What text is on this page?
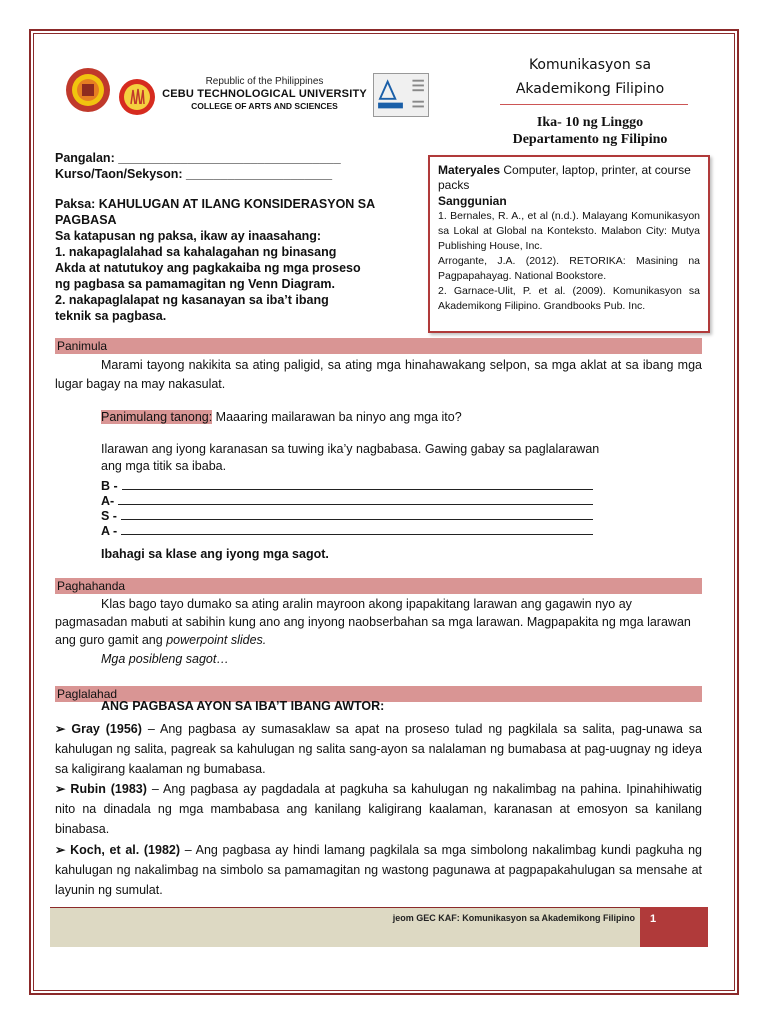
Republic of the Philippines
CEBU TECHNOLOGICAL UNIVERSITY
COLLEGE OF ARTS AND SCIENCES
Komunikasyon sa
Akademikong Filipino
Ika- 10 ng Linggo
Departamento ng Filipino
Pangalan: ________________________________
Kurso/Taon/Sekyson: _____________________
Paksa: KAHULUGAN AT ILANG KONSIDERASYON SA PAGBASA
Sa katapusan ng paksa, ikaw ay inaasahang:
1. nakapaglalahad sa kahalagahan ng binasang
Akda at natutukoy ang pagkakaiba ng mga proseso
ng pagbasa sa pamamagitan ng Venn Diagram.
2. nakapaglalapat ng kasanayan sa iba’t ibang
teknik sa pagbasa.
Materyales Computer, laptop, printer, at course packs
Sanggunian
1. Bernales, R. A., et al (n.d.). Malayang Komunikasyon sa Lokal at Global na Konteksto. Malabon City: Mutya Publishing House, Inc.
Arrogante, J.A. (2012). RETORIKA: Masining na Pagpapahayag. National Bookstore.
2. Garnace-Ulit, P. et al. (2009). Komunikasyon sa Akademikong Filipino. Grandbooks Pub. Inc.
Panimula
Marami tayong nakikita sa ating paligid, sa ating mga hinahawakang selpon, sa mga aklat at sa ibang mga lugar bagay na may nakasulat.
Panimulang tanong: Maaaring mailarawan ba ninyo ang mga ito?
Ilarawan ang iyong karanasan sa tuwing ika’y nagbabasa. Gawing gabay sa paglalarawan ang mga titik sa ibaba.
B -
A-
S -
A -
Ibahagi sa klase ang iyong mga sagot.
Paghahanda
Klas bago tayo dumako sa ating aralin mayroon akong ipapakitang larawan ang gagawin nyo ay pagmasadan mabuti at sabihin kung ano ang inyong naobserbahan sa mga larawan. Magpapakita ng mga larawan ang guro gamit ang powerpoint slides.
Mga posibleng sagot…
Paglalahad
ANG PAGBASA AYON SA IBA’T IBANG AWTOR:
➢ Gray (1956) – Ang pagbasa ay sumasaklaw sa apat na proseso tulad ng pagkilala sa salita, pag-unawa sa kahulugan ng salita, pagreak sa kahulugan ng salita sang-ayon sa nalalaman ng bumabasa at pag-uugnay ng ideya sa kaligirang kaalaman ng bumabasa.
➢ Rubin (1983) – Ang pagbasa ay pagdadala at pagkuha sa kahulugan ng nakalimbag na pahina. Ipinahihiwatig nito na dinadala ng mga mambabasa ang kanilang kaligirang kaalaman, karanasan at emosyon sa kanilang binabasa.
➢ Koch, et al. (1982) – Ang pagbasa ay hindi lamang pagkilala sa mga simbolong nakalimbag kundi pagkuha ng kahulugan ng nakalimbag na simbolo sa pamamagitan ng wastong pagunawa at pagpapakahulugan sa mensahe at layunin ng sumulat.
jeom GEC KAF: Komunikasyon sa Akademikong Filipino	1
